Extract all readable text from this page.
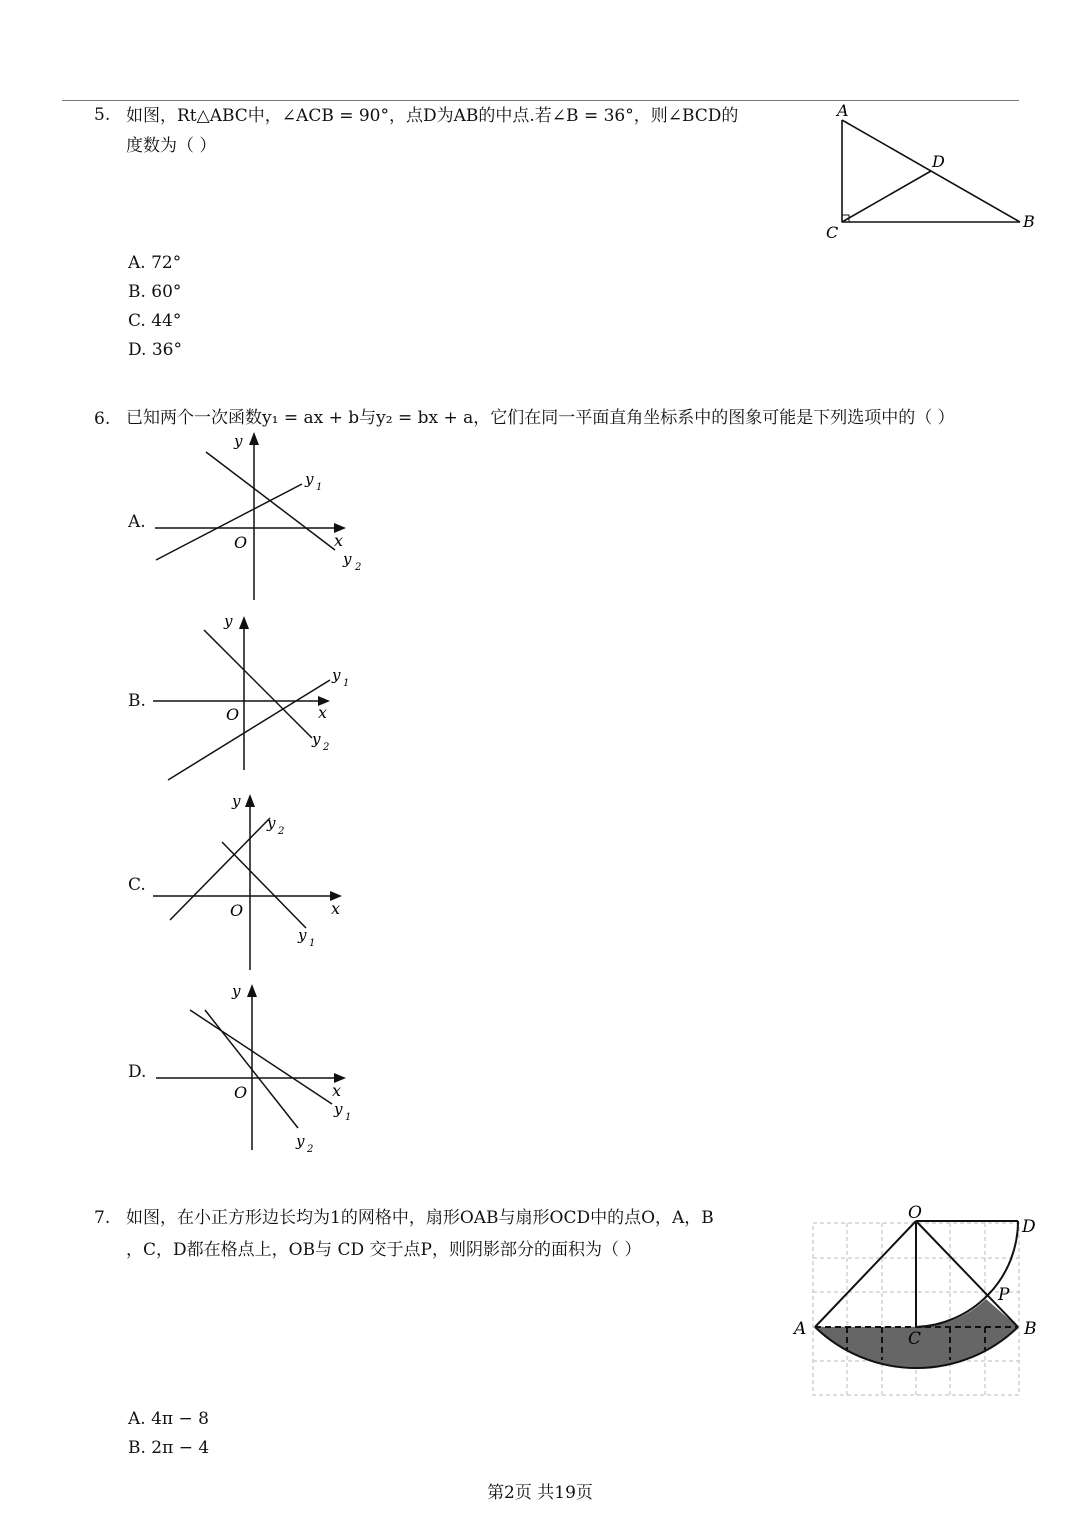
5. 如图，Rt△ABC中，∠ACB = 90°，点D为AB的中点.若∠B = 36°，则∠BCD的
度数为（ ）
A
D
C
B
A. 72°
B. 60°
C. 44°
D. 36°
6. 已知两个一次函数y₁ = ax + b与y₂ = bx + a，它们在同一平面直角坐标系中的图象可能是下列选项中的（ ）
A.
y
x
O
y 1
y 2
B.
y
x
O
y 1
y 2
C.
y
x
O
y 2
y 1
D.
y
x
O
y 1
y 2
7. 如图，在小正方形边长均为1的网格中，扇形OAB与扇形OCD中的点O，A，B
，C，D都在格点上，OB与 CD 交于点P，则阴影部分的面积为（ ）
O
D
P
A	B
C
A. 4π − 8
B. 2π − 4
第2页 共19页
